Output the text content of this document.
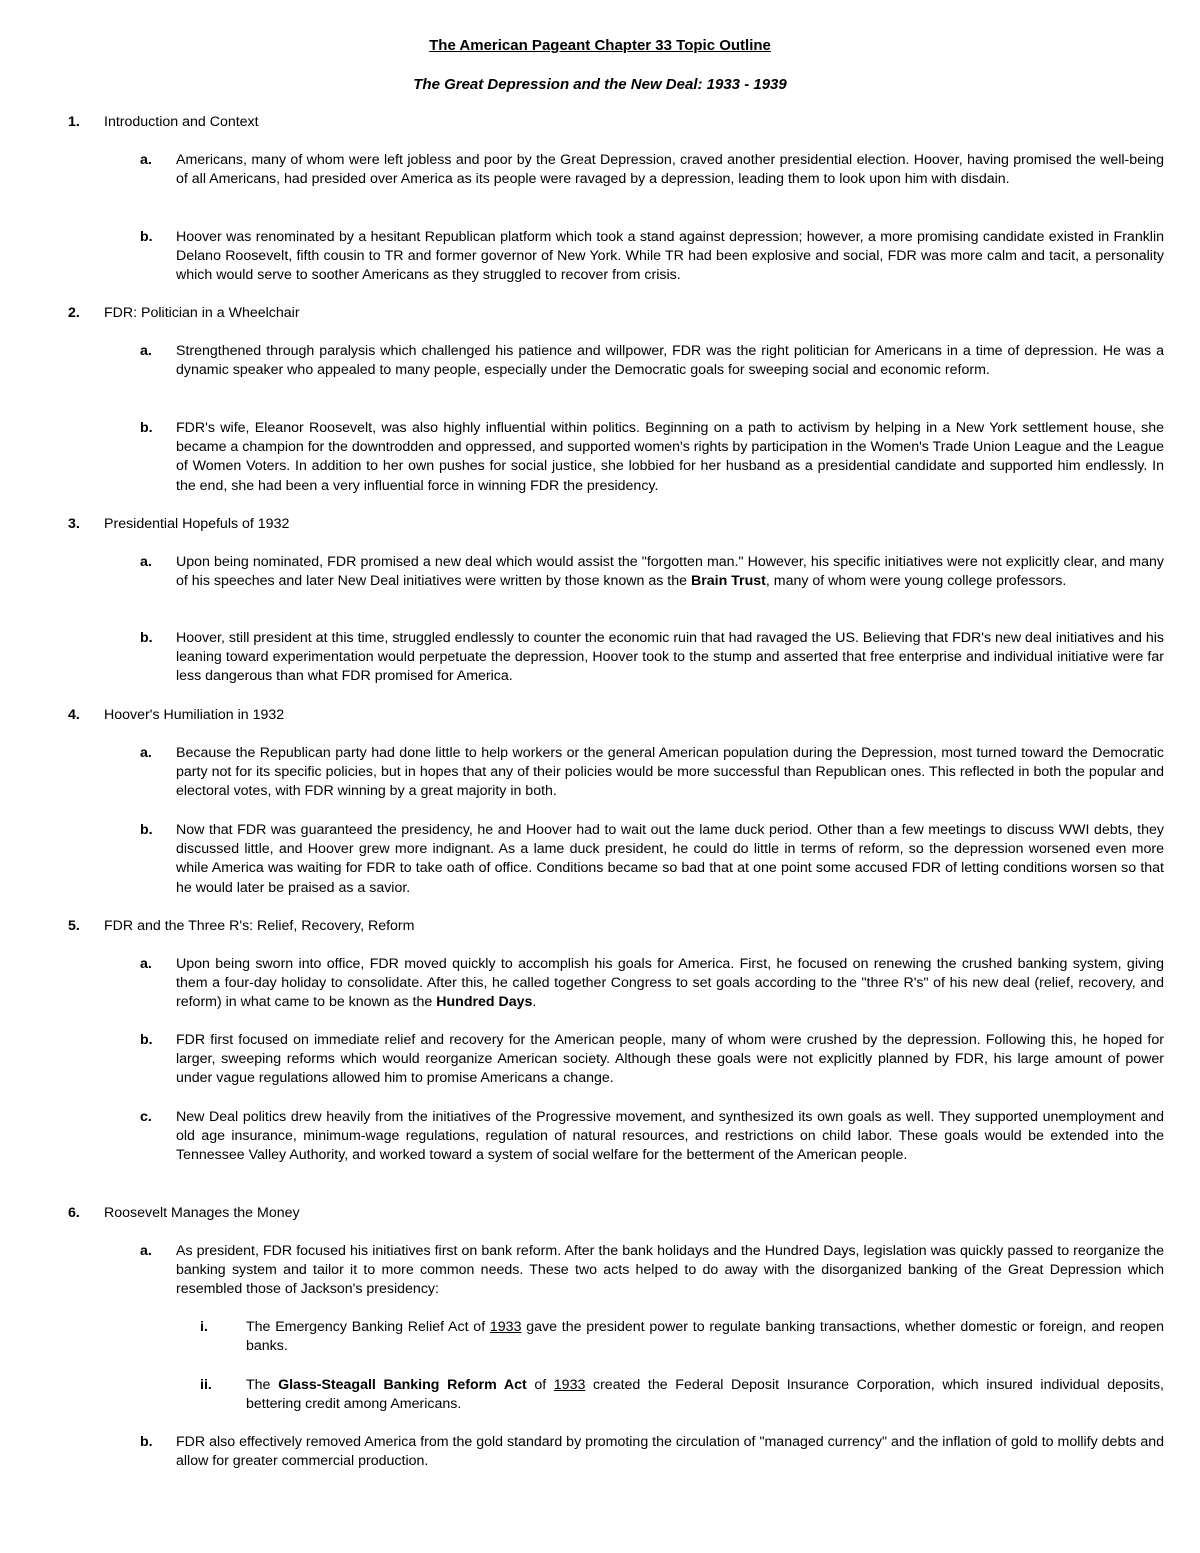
The American Pageant Chapter 33 Topic Outline
The Great Depression and the New Deal: 1933 - 1939
1. Introduction and Context
a. Americans, many of whom were left jobless and poor by the Great Depression, craved another presidential election. Hoover, having promised the well-being of all Americans, had presided over America as its people were ravaged by a depression, leading them to look upon him with disdain.
b. Hoover was renominated by a hesitant Republican platform which took a stand against depression; however, a more promising candidate existed in Franklin Delano Roosevelt, fifth cousin to TR and former governor of New York. While TR had been explosive and social, FDR was more calm and tacit, a personality which would serve to soother Americans as they struggled to recover from crisis.
2. FDR: Politician in a Wheelchair
a. Strengthened through paralysis which challenged his patience and willpower, FDR was the right politician for Americans in a time of depression. He was a dynamic speaker who appealed to many people, especially under the Democratic goals for sweeping social and economic reform.
b. FDR's wife, Eleanor Roosevelt, was also highly influential within politics. Beginning on a path to activism by helping in a New York settlement house, she became a champion for the downtrodden and oppressed, and supported women's rights by participation in the Women's Trade Union League and the League of Women Voters. In addition to her own pushes for social justice, she lobbied for her husband as a presidential candidate and supported him endlessly. In the end, she had been a very influential force in winning FDR the presidency.
3. Presidential Hopefuls of 1932
a. Upon being nominated, FDR promised a new deal which would assist the "forgotten man." However, his specific initiatives were not explicitly clear, and many of his speeches and later New Deal initiatives were written by those known as the Brain Trust, many of whom were young college professors.
b. Hoover, still president at this time, struggled endlessly to counter the economic ruin that had ravaged the US. Believing that FDR's new deal initiatives and his leaning toward experimentation would perpetuate the depression, Hoover took to the stump and asserted that free enterprise and individual initiative were far less dangerous than what FDR promised for America.
4. Hoover's Humiliation in 1932
a. Because the Republican party had done little to help workers or the general American population during the Depression, most turned toward the Democratic party not for its specific policies, but in hopes that any of their policies would be more successful than Republican ones. This reflected in both the popular and electoral votes, with FDR winning by a great majority in both.
b. Now that FDR was guaranteed the presidency, he and Hoover had to wait out the lame duck period. Other than a few meetings to discuss WWI debts, they discussed little, and Hoover grew more indignant. As a lame duck president, he could do little in terms of reform, so the depression worsened even more while America was waiting for FDR to take oath of office. Conditions became so bad that at one point some accused FDR of letting conditions worsen so that he would later be praised as a savior.
5. FDR and the Three R's: Relief, Recovery, Reform
a. Upon being sworn into office, FDR moved quickly to accomplish his goals for America. First, he focused on renewing the crushed banking system, giving them a four-day holiday to consolidate. After this, he called together Congress to set goals according to the "three R's" of his new deal (relief, recovery, and reform) in what came to be known as the Hundred Days.
b. FDR first focused on immediate relief and recovery for the American people, many of whom were crushed by the depression. Following this, he hoped for larger, sweeping reforms which would reorganize American society. Although these goals were not explicitly planned by FDR, his large amount of power under vague regulations allowed him to promise Americans a change.
c. New Deal politics drew heavily from the initiatives of the Progressive movement, and synthesized its own goals as well. They supported unemployment and old age insurance, minimum-wage regulations, regulation of natural resources, and restrictions on child labor. These goals would be extended into the Tennessee Valley Authority, and worked toward a system of social welfare for the betterment of the American people.
6. Roosevelt Manages the Money
a. As president, FDR focused his initiatives first on bank reform. After the bank holidays and the Hundred Days, legislation was quickly passed to reorganize the banking system and tailor it to more common needs. These two acts helped to do away with the disorganized banking of the Great Depression which resembled those of Jackson's presidency:
i.	The Emergency Banking Relief Act of 1933 gave the president power to regulate banking transactions, whether domestic or foreign, and reopen banks.
ii. The Glass-Steagall Banking Reform Act of 1933 created the Federal Deposit Insurance Corporation, which insured individual deposits, bettering credit among Americans.
b. FDR also effectively removed America from the gold standard by promoting the circulation of "managed currency" and the inflation of gold to mollify debts and allow for greater commercial production.
